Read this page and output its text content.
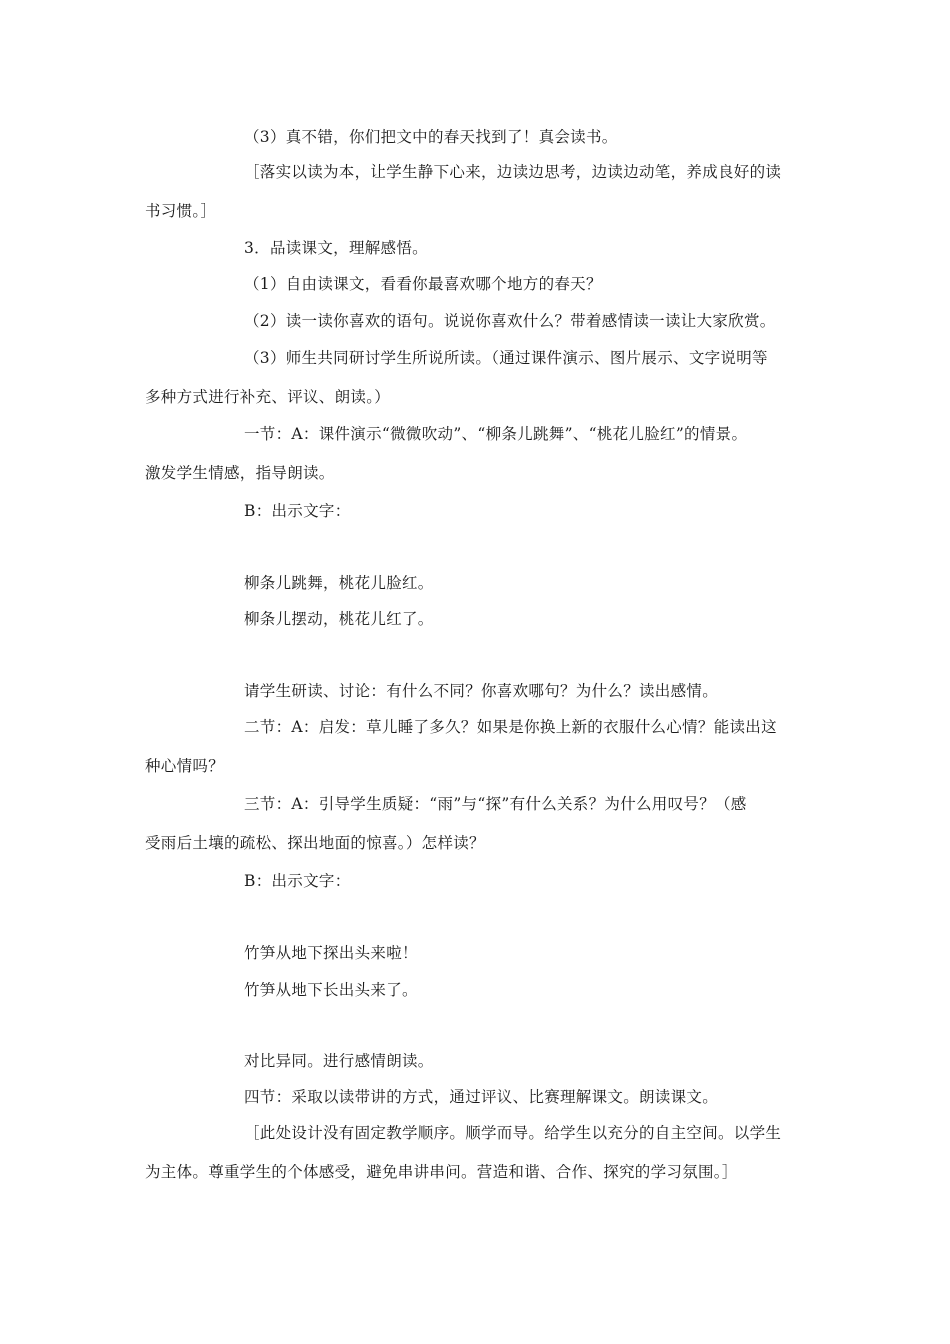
（3）真不错，你们把文中的春天找到了！真会读书。
［落实以读为本，让学生静下心来，边读边思考，边读边动笔，养成良好的读
书习惯。］
3．品读课文，理解感悟。
（1）自由读课文，看看你最喜欢哪个地方的春天？
（2）读一读你喜欢的语句。说说你喜欢什么？带着感情读一读让大家欣赏。
（3）师生共同研讨学生所说所读。（通过课件演示、图片展示、文字说明等
多种方式进行补充、评议、朗读。）
一节：A：课件演示“微微吹动”、“柳条儿跳舞”、“桃花儿脸红”的情景。
激发学生情感，指导朗读。
B：出示文字：
柳条儿跳舞，桃花儿脸红。
柳条儿摆动，桃花儿红了。
请学生研读、讨论：有什么不同？你喜欢哪句？为什么？读出感情。
二节：A：启发：草儿睡了多久？如果是你换上新的衣服什么心情？能读出这
种心情吗？
三节：A：引导学生质疑：“雨”与“探”有什么关系？为什么用叹号？（感
受雨后土壤的疏松、探出地面的惊喜。）怎样读？
B：出示文字：
竹笋从地下探出头来啦！
竹笋从地下长出头来了。
对比异同。进行感情朗读。
四节：采取以读带讲的方式，通过评议、比赛理解课文。朗读课文。
［此处设计没有固定教学顺序。顺学而导。给学生以充分的自主空间。以学生
为主体。尊重学生的个体感受，避免串讲串问。营造和谐、合作、探究的学习氛围。］
